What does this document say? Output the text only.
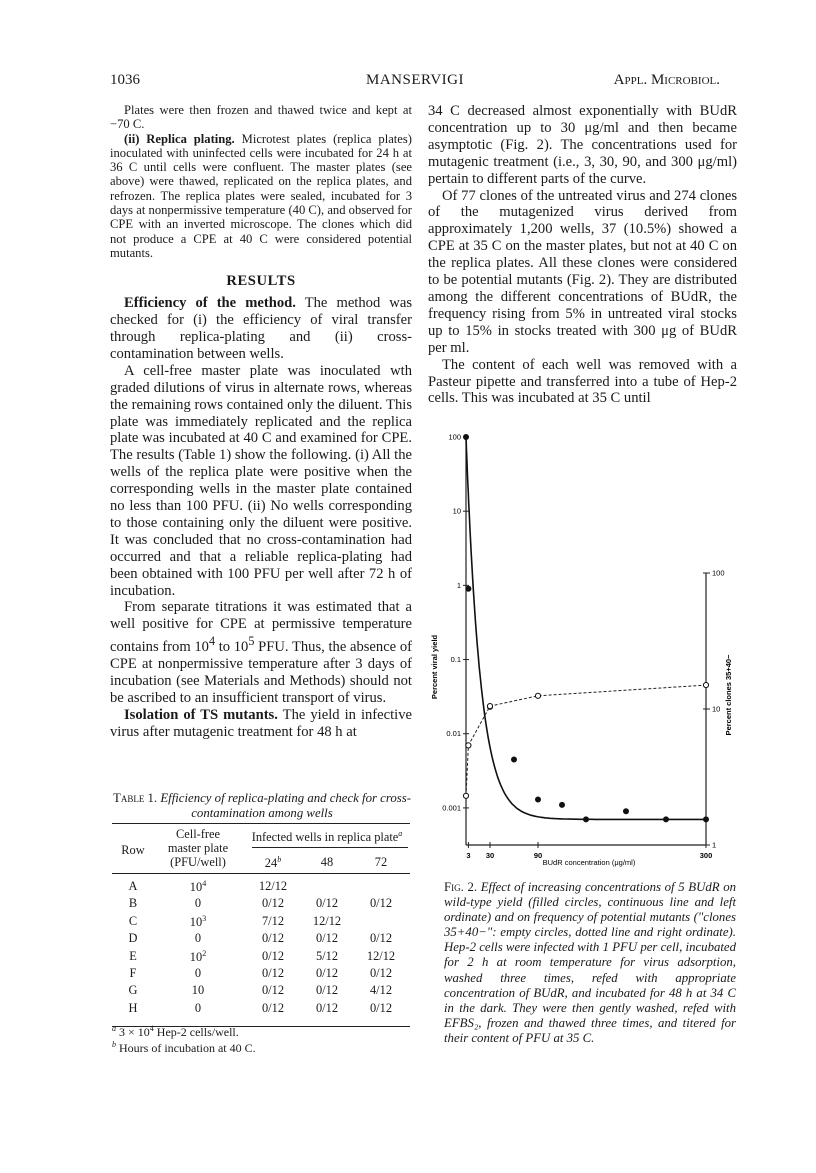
1036	MANSERVIGI	Appl. Microbiol.

Plates were then frozen and thawed twice and kept at −70 C.

(ii) Replica plating. Microtest plates (replica plates) inoculated with uninfected cells were incubated for 24 h at 36 C until cells were confluent. The master plates (see above) were thawed, replicated on the replica plates, and refrozen. The replica plates were sealed, incubated for 3 days at nonpermissive temperature (40 C), and observed for CPE with an inverted microscope. The clones which did not produce a CPE at 40 C were considered potential mutants.

RESULTS

Efficiency of the method. The method was checked for (i) the efficiency of viral transfer through replica-plating and (ii) cross-contamination between wells.

A cell-free master plate was inoculated wth graded dilutions of virus in alternate rows, whereas the remaining rows contained only the diluent. This plate was immediately replicated and the replica plate was incubated at 40 C and examined for CPE. The results (Table 1) show the following. (i) All the wells of the replica plate were positive when the corresponding wells in the master plate contained no less than 100 PFU. (ii) No wells corresponding to those containing only the diluent were positive. It was concluded that no cross-contamination had occurred and that a reliable replica-plating had been obtained with 100 PFU per well after 72 h of incubation.

From separate titrations it was estimated that a well positive for CPE at permissive temperature contains from $10^4$ to $10^5$ PFU. Thus, the absence of CPE at nonpermissive temperature after 3 days of incubation (see Materials and Methods) should not be ascribed to an insufficient transport of virus.

Isolation of TS mutants. The yield in infective virus after mutagenic treatment for 48 h at

34 C decreased almost exponentially with BUdR concentration up to 30 μg/ml and then became asymptotic (Fig. 2). The concentrations used for mutagenic treatment (i.e., 3, 30, 90, and 300 μg/ml) pertain to different parts of the curve.

Of 77 clones of the untreated virus and 274 clones of the mutagenized virus derived from approximately 1,200 wells, 37 (10.5%) showed a CPE at 35 C on the master plates, but not at 40 C on the replica plates. All these clones were considered to be potential mutants (Fig. 2). They are distributed among the different concentrations of BUdR, the frequency rising from 5% in untreated viral stocks up to 15% in stocks treated with 300 μg of BUdR per ml.

The content of each well was removed with a Pasteur pipette and transferred into a tube of Hep-2 cells. This was incubated at 35 C until

Table 1. Efficiency of replica-plating and check for cross-contamination among wells
Row
Cell-free
master plate
(PFU/well)
Infected wells in replica plate$^a$
24$^b$	48	72
A	$10^4$	12/12
B	0	0/12	0/12	0/12
C	$10^3$	7/12	12/12
D	0	0/12	0/12	0/12
E	$10^2$	0/12	5/12	12/12
F	0	0/12	0/12	0/12
G	10	0/12	0/12	4/12
H	0	0/12	0/12	0/12
$^a$ $3 \times 10^4$ Hep-2 cells/well.
$^b$ Hours of incubation at 40 C.
100
10
1
0.1
0.01
0.001
100
10
1
3 30	90	300
Percent viral yield	Percent clones 35+40−
BUdR concentration (μg/ml)
Fig. 2. Effect of increasing concentrations of 5 BUdR on wild-type yield (filled circles, continuous line and left ordinate) and on frequency of potential mutants ("clones 35+40−": empty circles, dotted line and right ordinate). Hep-2 cells were infected with 1 PFU per cell, incubated for 2 h at room temperature for virus adsorption, washed three times, refed with appropriate concentration of BUdR, and incubated for 48 h at 34 C in the dark. They were then gently washed, refed with EFBS₂, frozen and thawed three times, and titered for their content of PFU at 35 C.
